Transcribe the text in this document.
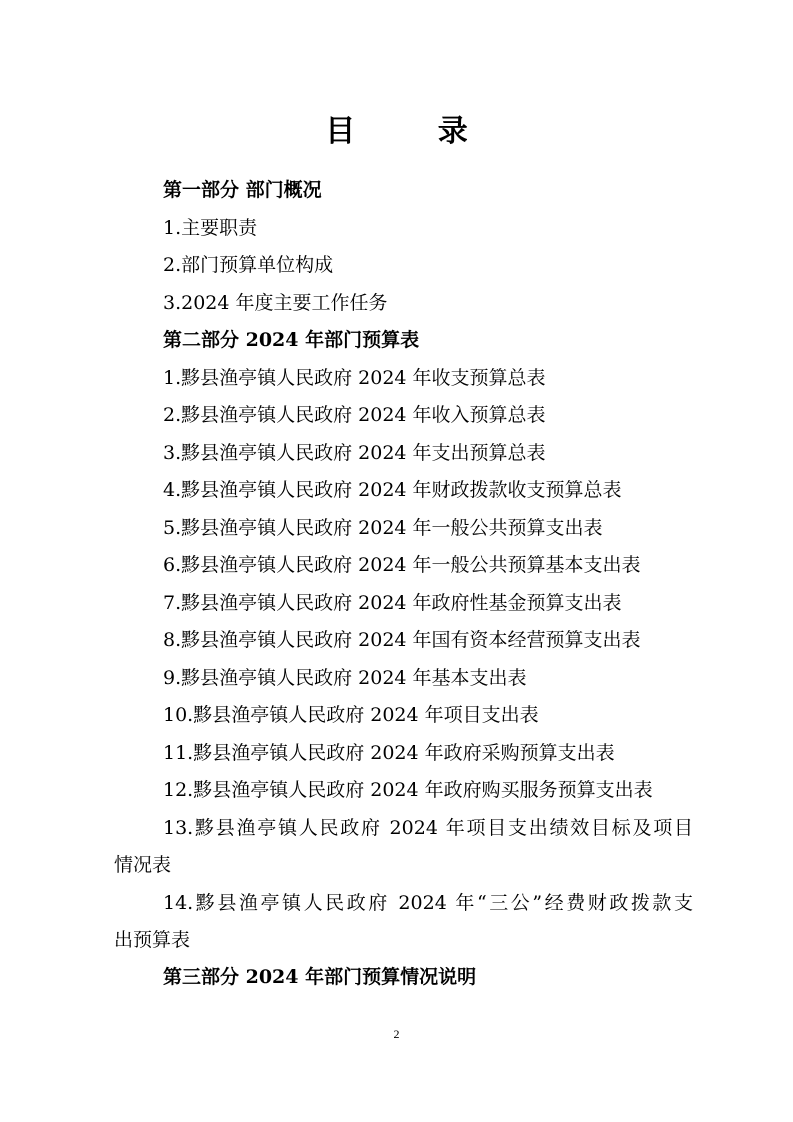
目 录
第一部分 部门概况
1.主要职责
2.部门预算单位构成
3.2024 年度主要工作任务
第二部分 2024 年部门预算表
1.黟县渔亭镇人民政府 2024 年收支预算总表
2.黟县渔亭镇人民政府 2024 年收入预算总表
3.黟县渔亭镇人民政府 2024 年支出预算总表
4.黟县渔亭镇人民政府 2024 年财政拨款收支预算总表
5.黟县渔亭镇人民政府 2024 年一般公共预算支出表
6.黟县渔亭镇人民政府 2024 年一般公共预算基本支出表
7.黟县渔亭镇人民政府 2024 年政府性基金预算支出表
8.黟县渔亭镇人民政府 2024 年国有资本经营预算支出表
9.黟县渔亭镇人民政府 2024 年基本支出表
10.黟县渔亭镇人民政府 2024 年项目支出表
11.黟县渔亭镇人民政府 2024 年政府采购预算支出表
12.黟县渔亭镇人民政府 2024 年政府购买服务预算支出表
13.黟县渔亭镇人民政府 2024 年项目支出绩效目标及项目
情况表
14.黟县渔亭镇人民政府 2024 年“三公”经费财政拨款支
出预算表
第三部分 2024 年部门预算情况说明
2
